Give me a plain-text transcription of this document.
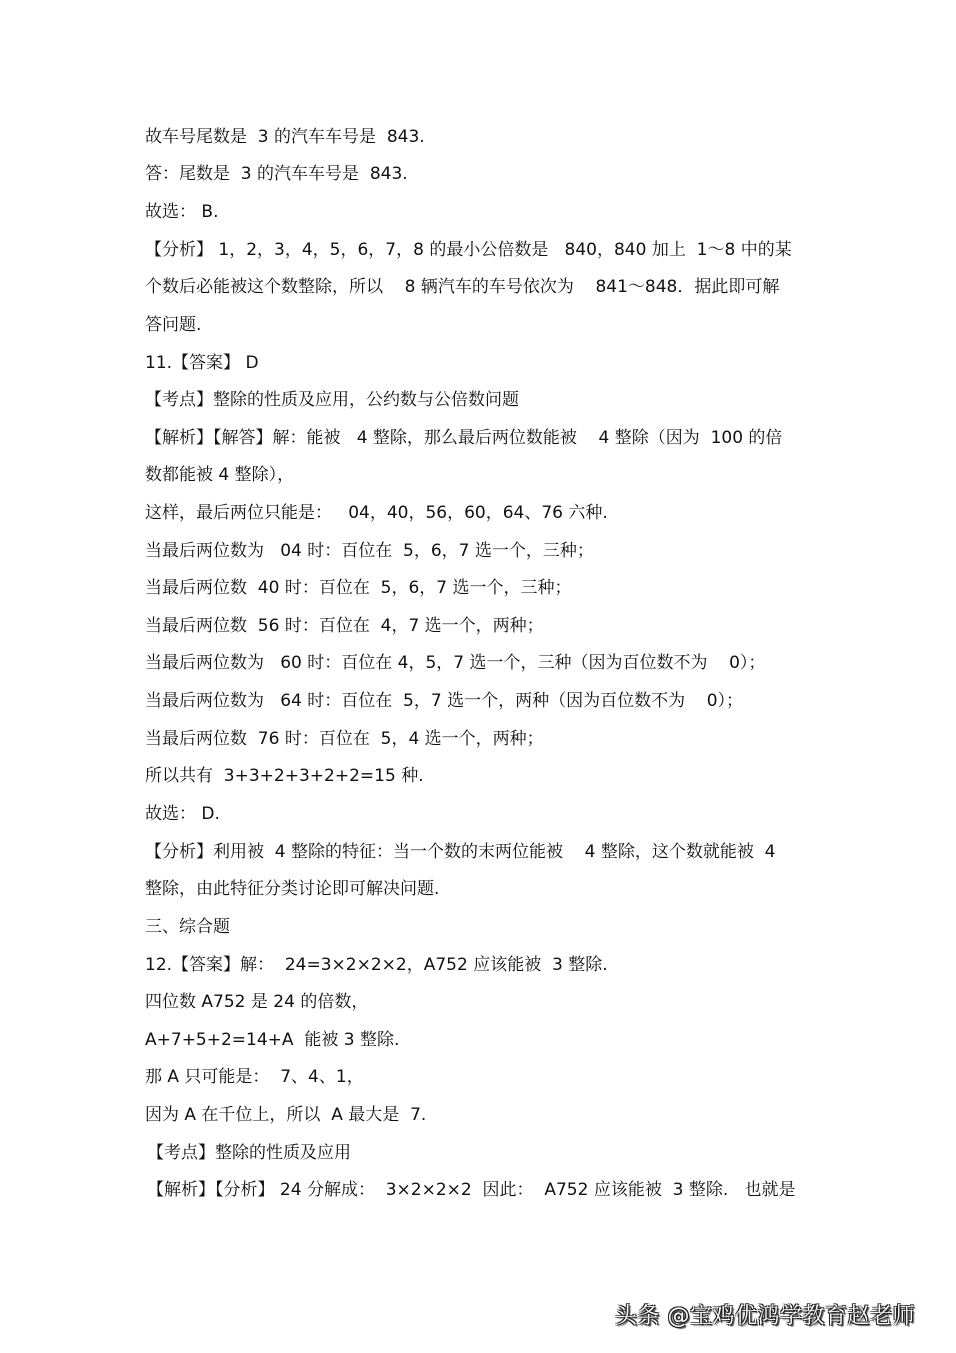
故车号尾数是  3 的汽车车号是  843.
答：尾数是  3 的汽车车号是  843.
故选： B.
【分析】 1，2，3，4，5，6，7，8 的最小公倍数是   840，840 加上  1～8 中的某
个数后必能被这个数整除，所以    8 辆汽车的车号依次为    841～848．据此即可解
答问题.
11.【答案】 D
【考点】整除的性质及应用，公约数与公倍数问题
【解析】【解答】解：能被   4 整除，那么最后两位数能被    4 整除（因为  100 的倍
数都能被 4 整除），
这样，最后两位只能是：   04，40，56，60，64、76 六种.
当最后两位数为   04 时：百位在  5，6，7 选一个，三种；
当最后两位数  40 时：百位在  5，6，7 选一个，三种；
当最后两位数  56 时：百位在  4，7 选一个，两种；
当最后两位数为   60 时：百位在 4，5，7 选一个，三种（因为百位数不为    0）；
当最后两位数为   64 时：百位在  5，7 选一个，两种（因为百位数不为    0）；
当最后两位数  76 时：百位在  5，4 选一个，两种；
所以共有  3+3+2+3+2+2=15 种.
故选： D.
【分析】利用被  4 整除的特征：当一个数的末两位能被    4 整除，这个数就能被  4
整除，由此特征分类讨论即可解决问题.
三、综合题
12.【答案】解：  24=3×2×2×2，A752 应该能被  3 整除.
四位数 A752 是 24 的倍数，
A+7+5+2=14+A  能被 3 整除.
那 A 只可能是：  7、4、1，
因为 A 在千位上，所以  A 最大是  7.
【考点】整除的性质及应用
【解析】【分析】 24 分解成：  3×2×2×2  因此：  A752 应该能被  3 整除.   也就是
头条 @宝鸡优鸿学教育赵老师
